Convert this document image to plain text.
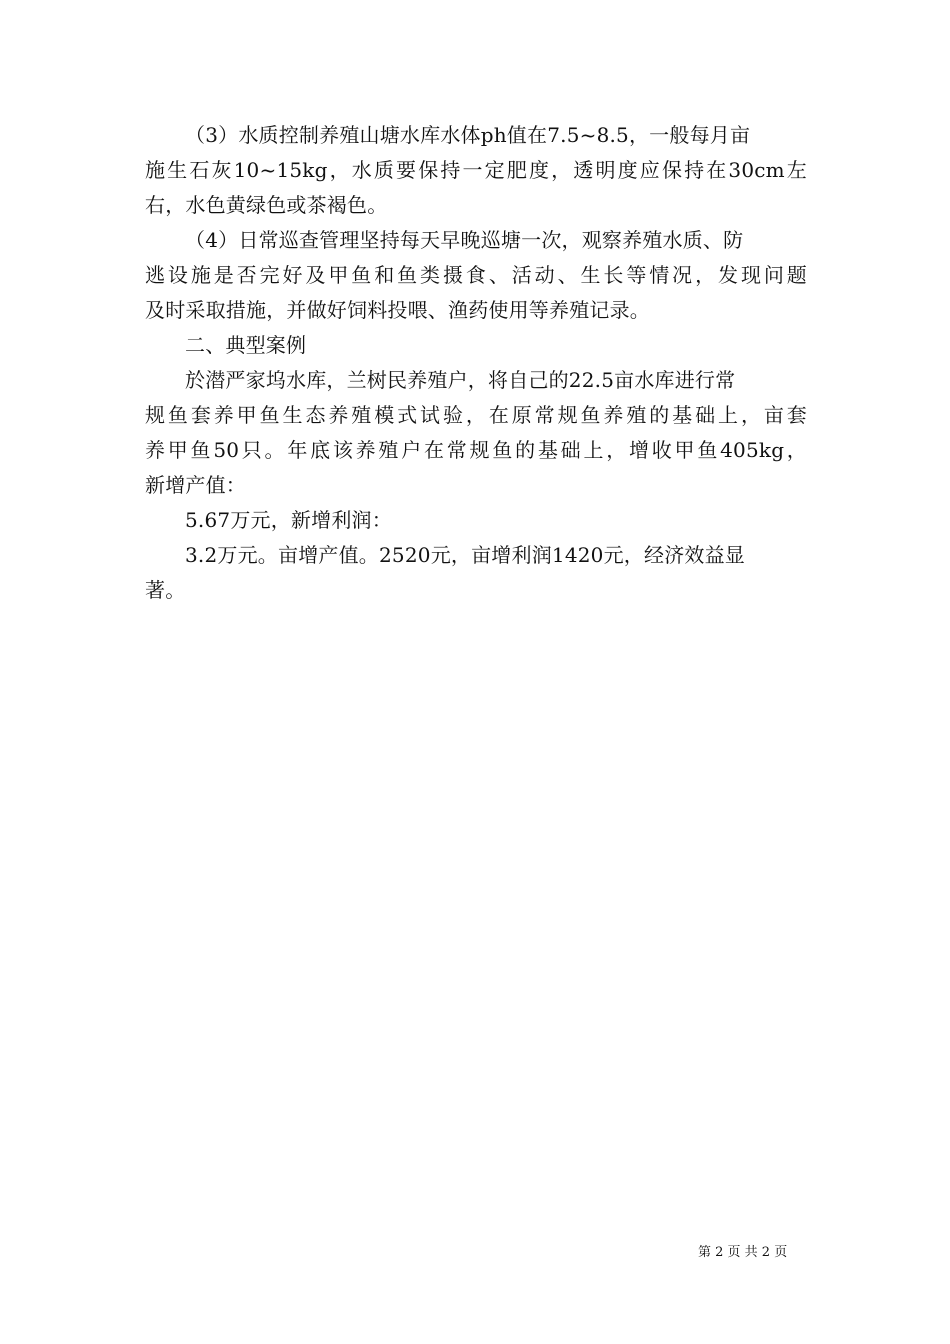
（3）水质控制养殖山塘水库水体ph值在7.5~8.5，一般每月亩
施生石灰10~15kg，水质要保持一定肥度，透明度应保持在30cm左
右，水色黄绿色或茶褐色。
（4）日常巡查管理坚持每天早晚巡塘一次，观察养殖水质、防
逃设施是否完好及甲鱼和鱼类摄食、活动、生长等情况，发现问题
及时采取措施，并做好饲料投喂、渔药使用等养殖记录。
二、典型案例
於潜严家坞水库，兰树民养殖户，将自己的22.5亩水库进行常
规鱼套养甲鱼生态养殖模式试验，在原常规鱼养殖的基础上，亩套
养甲鱼50只。年底该养殖户在常规鱼的基础上，增收甲鱼405kg，
新增产值：
5.67万元，新增利润：
3.2万元。亩增产值。2520元，亩增利润1420元，经济效益显
著。
第 2 页 共 2 页
